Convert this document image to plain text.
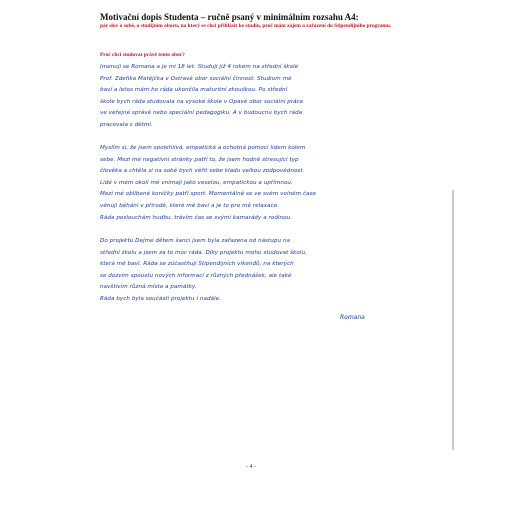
Motivační dopis Studenta – ručně psaný v minimálním rozsahu A4:
pár slov o sobě, o studijním oboru, na který se chci přihlásit ke studiu, proč mám zájem o zařazení do Stipendijního programu.
Proč chci studovat právě tento obor?
Jmenuji se Romana a je mi 18 let. Studuji již 4 rokem na střední škole
Prof. Zdeňka Matějčka v Ostravě obor sociální činnost. Studium mě
baví a letos mám ho ráda ukončila maturitní zkouškou. Po střední
škole bych ráda studovala na vysoké škole v Opavě obor sociální práce
ve veřejné správě nebo speciální pedagogiku. A v budoucnu bych ráda
pracovala s dětmi.
Myslím si, že jsem spolehlivá, empatická a ochotná pomoci lidem kolem
sebe. Mezi mé negativní stránky patří to, že jsem hodně stresující typ
člověka a chtěla si na sobě bych věřit sebe kladu velkou zodpovědnost.
Lidé v mém okolí mě vnímají jako veselou, empatickou a upřímnou.
Mezi mé oblíbené koníčky patří sport. Momentálně se ve svém volném čase
věnuji běhání v přírodě, které mě baví a je to pro mě relaxace.
Ráda poslouchám hudbu, trávím čas se svými kamarády a rodinou.
Do projektu Dejme dětem šanci jsem byla zařazena od nástupu na
střední školu a jsem za to moc ráda. Díky projektu mohu studovat školu,
která mě baví. Ráda se zúčastňuji Stipendijních víkendů, na kterých
se dozvím spoustu nových informací z různých přednášek, ale také
navštívím různá místa a památky.
Ráda bych byla součástí projektu i nadále.
Romana
- 4 -
